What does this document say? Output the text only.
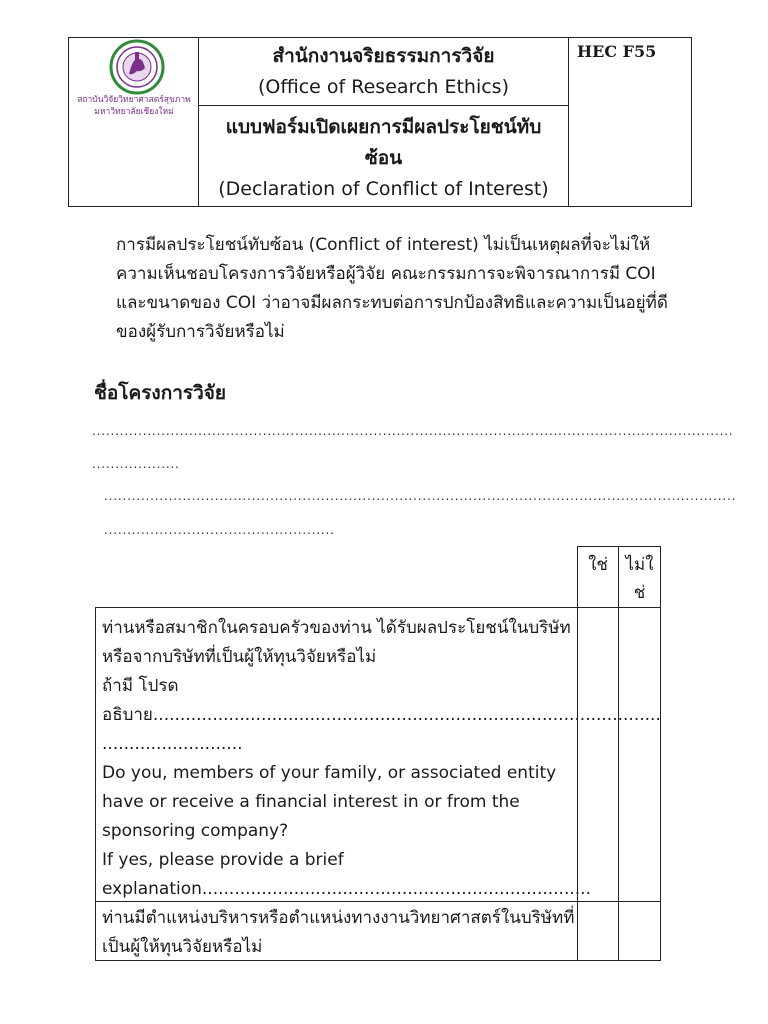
สถาบันวิจัยวิทยาศาสตร์สุขภาพ
มหาวิทยาลัยเชียงใหม่
สำนักงานจริยธรรมการวิจัย
(Office of Research Ethics)
แบบฟอร์มเปิดเผยการมีผลประโยชน์ทับ
ซ้อน
(Declaration of Conflict of Interest)
HEC F55
การมีผลประโยชน์ทับซ้อน (Conflict of interest) ไม่เป็นเหตุผลที่จะไม่ให้
ความเห็นชอบโครงการวิจัยหรือผู้วิจัย คณะกรรมการจะพิจารณาการมี COI
และขนาดของ COI ว่าอาจมีผลกระทบต่อการปกป้องสิทธิและความเป็นอยู่ที่ดี
ของผู้รับการวิจัยหรือไม่
ชื่อโครงการวิจัย
...........................................................................................................................................
...................
.........................................................................................................................................
..................................................
ใช่	ไม่ใ
ช่
ท่านหรือสมาชิกในครอบครัวของท่าน ได้รับผลประโยชน์ในบริษัท
หรือจากบริษัทที่เป็นผู้ให้ทุนวิจัยหรือไม่
ถ้ามี โปรด
อธิบาย..............................................................................................
..........................
Do you, members of your family, or associated entity
have or receive a financial interest in or from the
sponsoring company?
If yes, please provide a brief
explanation........................................................................
ท่านมีตำแหน่งบริหารหรือตำแหน่งทางงานวิทยาศาสตร์ในบริษัทที่
เป็นผู้ให้ทุนวิจัยหรือไม่
